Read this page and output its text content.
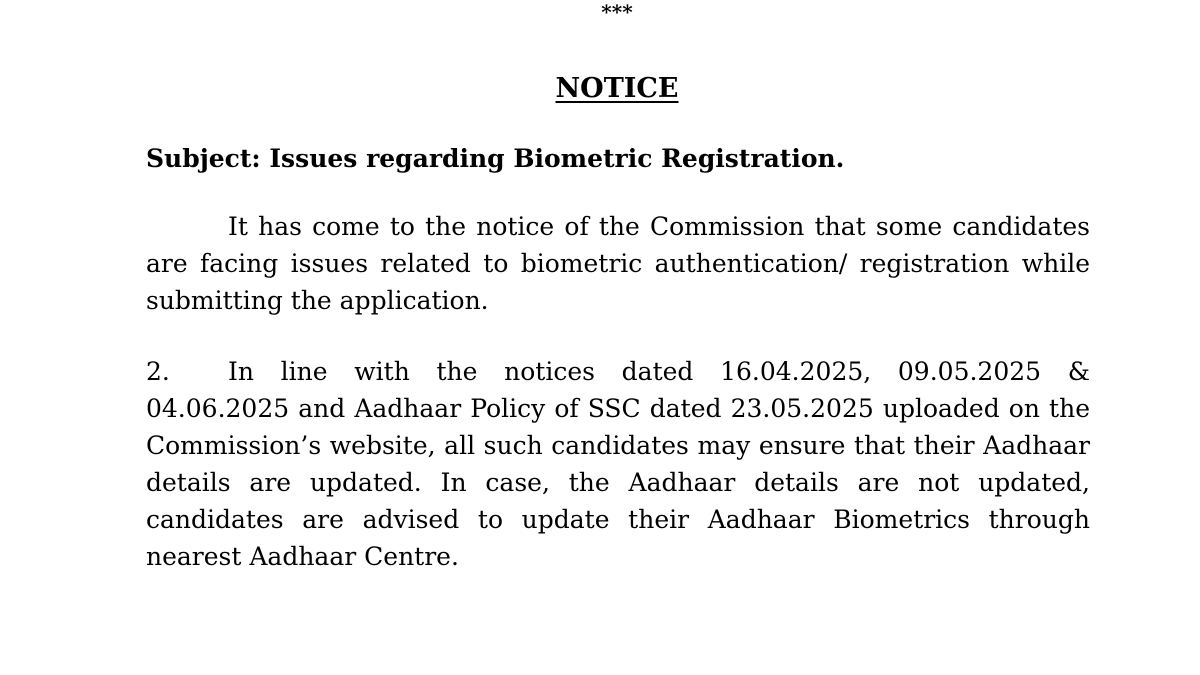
***
NOTICE
Subject: Issues regarding Biometric Registration.
It has come to the notice of the Commission that some candidates are facing issues related to biometric authentication/ registration while submitting the application.
2. In line with the notices dated 16.04.2025, 09.05.2025 & 04.06.2025 and Aadhaar Policy of SSC dated 23.05.2025 uploaded on the Commission’s website, all such candidates may ensure that their Aadhaar details are updated. In case, the Aadhaar details are not updated, candidates are advised to update their Aadhaar Biometrics through nearest Aadhaar Centre.
